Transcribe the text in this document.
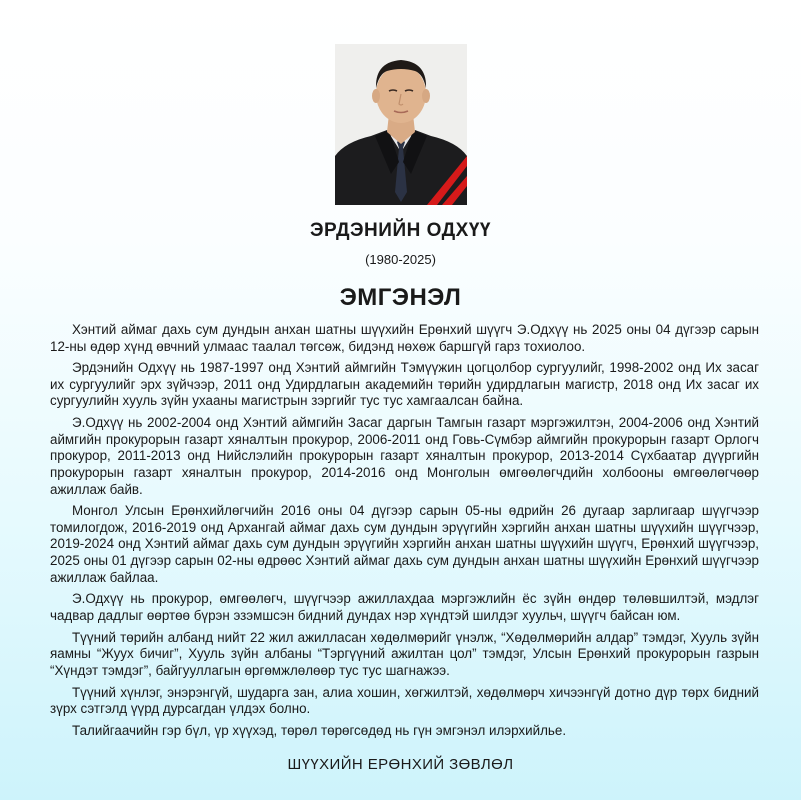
ЭРДЭНИЙН ОДХҮҮ
(1980-2025)
ЭМГЭНЭЛ

Хэнтий аймаг дахь сум дундын анхан шатны шүүхийн Ерөнхий шүүгч Э.Одхүү нь 2025 оны 04 дүгээр сарын 12-ны өдөр хүнд өвчний улмаас таалал төгсөж, бидэнд нөхөж баршгүй гарз тохиолоо.

Эрдэнийн Одхүү нь 1987-1997 онд Хэнтий аймгийн Тэмүүжин цогцолбор сургуулийг, 1998-2002 онд Их засаг их сургуулийг эрх зүйчээр, 2011 онд Удирдлагын академийн төрийн удирдлагын магистр, 2018 онд Их засаг их сургуулийн хууль зүйн ухааны магистрын зэргийг тус тус хамгаалсан байна.

Э.Одхүү нь 2002-2004 онд Хэнтий аймгийн Засаг даргын Тамгын газарт мэргэжилтэн, 2004-2006 онд Хэнтий аймгийн прокурорын газарт хяналтын прокурор, 2006-2011 онд Говь-Сүмбэр аймгийн прокурорын газарт Орлогч прокурор, 2011-2013 онд Нийслэлийн прокурорын газарт хяналтын прокурор, 2013-2014 Сүхбаатар дүүргийн прокурорын газарт хяналтын прокурор, 2014-2016 онд Монголын өмгөөлөгчдийн холбооны өмгөөлөгчөөр ажиллаж байв.

Монгол Улсын Ерөнхийлөгчийн 2016 оны 04 дүгээр сарын 05-ны өдрийн 26 дугаар зарлигаар шүүгчээр томилогдож, 2016-2019 онд Архангай аймаг дахь сум дундын эрүүгийн хэргийн анхан шатны шүүхийн шүүгчээр, 2019-2024 онд Хэнтий аймаг дахь сум дундын эрүүгийн хэргийн анхан шатны шүүхийн шүүгч, Ерөнхий шүүгчээр, 2025 оны 01 дүгээр сарын 02-ны өдрөөс Хэнтий аймаг дахь сум дундын анхан шатны шүүхийн Ерөнхий шүүгчээр ажиллаж байлаа.

Э.Одхүү нь прокурор, өмгөөлөгч, шүүгчээр ажиллахдаа мэргэжлийн ёс зүйн өндөр төлөвшилтэй, мэдлэг чадвар дадлыг өөртөө бүрэн эзэмшсэн бидний дундах нэр хүндтэй шилдэг хуульч, шүүгч байсан юм.

Түүний төрийн албанд нийт 22 жил ажилласан хөдөлмөрийг үнэлж, “Хөдөлмөрийн алдар” тэмдэг, Хууль зүйн яамны “Жуух бичиг”, Хууль зүйн албаны “Тэргүүний ажилтан цол” тэмдэг, Улсын Ерөнхий прокурорын газрын “Хүндэт тэмдэг”, байгууллагын өргөмжлөлөөр тус тус шагнажээ.

Түүний хүнлэг, энэрэнгүй, шударга зан, алиа хошин, хөгжилтэй, хөдөлмөрч хичээнгүй дотно дүр төрх бидний зүрх сэтгэлд үүрд дурсагдан үлдэх болно.

Талийгаачийн гэр бүл, үр хүүхэд, төрөл төрөгсөдөд нь гүн эмгэнэл илэрхийлье.

ШҮҮХИЙН ЕРӨНХИЙ ЗӨВЛӨЛ
